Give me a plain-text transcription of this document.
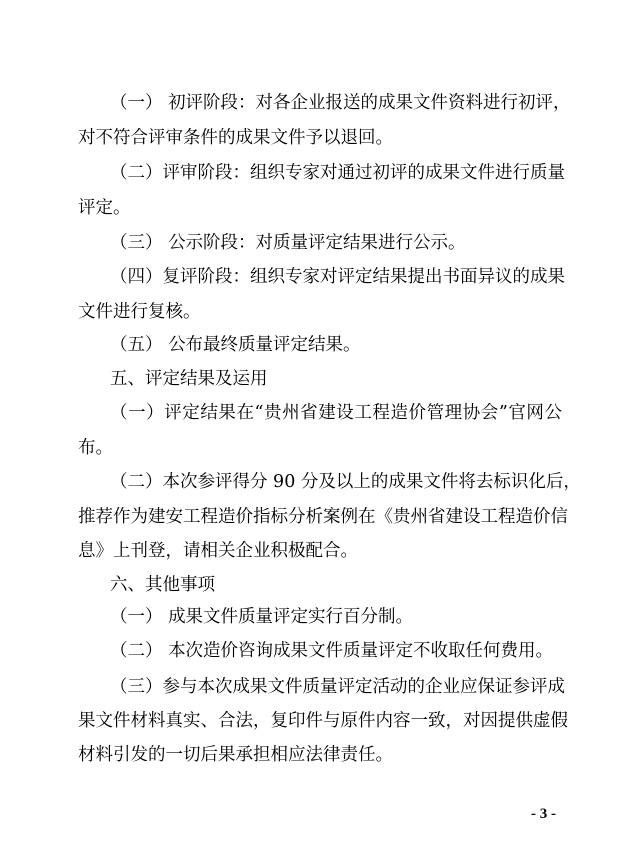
（一） 初评阶段：对各企业报送的成果文件资料进行初评，
对不符合评审条件的成果文件予以退回。
（二）评审阶段：组织专家对通过初评的成果文件进行质量
评定。
（三） 公示阶段：对质量评定结果进行公示。
（四）复评阶段：组织专家对评定结果提出书面异议的成果
文件进行复核。
（五） 公布最终质量评定结果。
五、评定结果及运用
（一）评定结果在“贵州省建设工程造价管理协会”官网公
布。
（二）本次参评得分 90 分及以上的成果文件将去标识化后，
推荐作为建安工程造价指标分析案例在《贵州省建设工程造价信
息》上刊登，请相关企业积极配合。
六、其他事项
（一） 成果文件质量评定实行百分制。
（二） 本次造价咨询成果文件质量评定不收取任何费用。
（三）参与本次成果文件质量评定活动的企业应保证参评成
果文件材料真实、合法，复印件与原件内容一致，对因提供虚假
材料引发的一切后果承担相应法律责任。
- 3 -
